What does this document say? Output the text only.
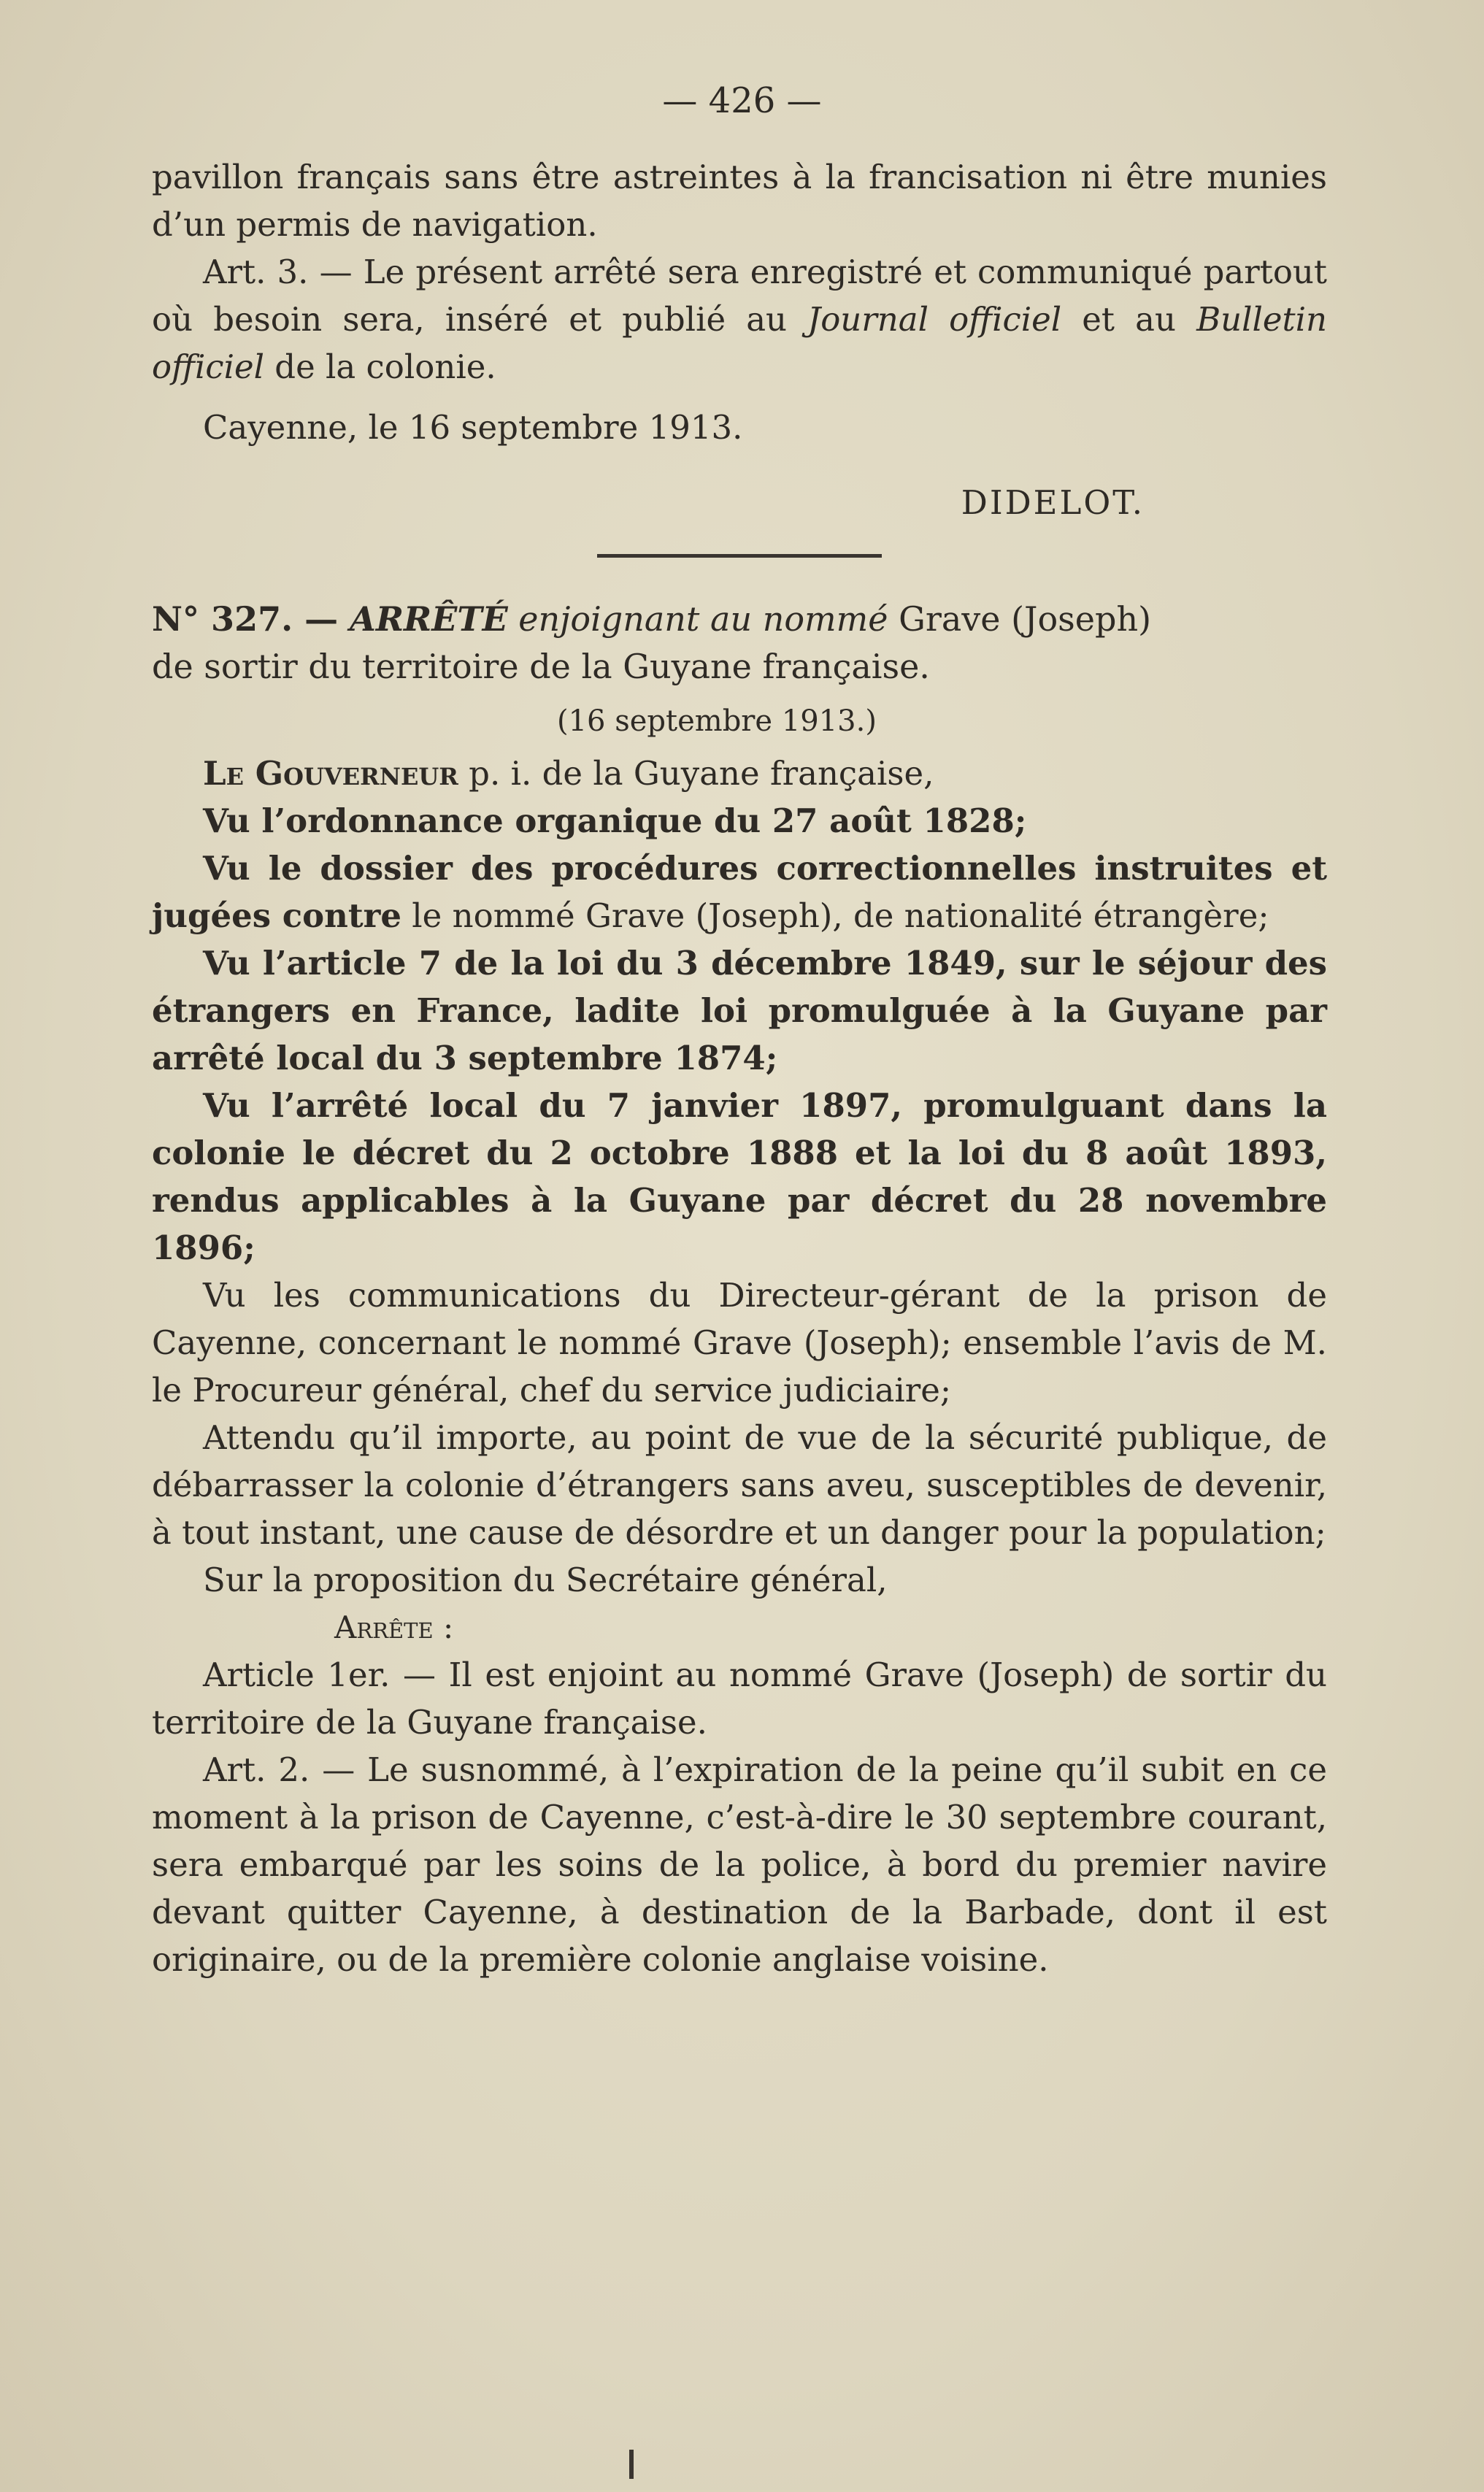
— 426 —

pavillon français sans être astreintes à la francisation ni être munies d’un permis de navigation.

Art. 3. — Le présent arrêté sera enregistré et communiqué partout où besoin sera, inséré et publié au Journal officiel et au Bulletin officiel de la colonie.

Cayenne, le 16 septembre 1913.

DIDELOT.

N° 327. — ARRÊTÉ enjoignant au nommé Grave (Joseph)

de sortir du territoire de la Guyane française.

(16 septembre 1913.)

Le Gouverneur p. i. de la Guyane française,

Vu l’ordonnance organique du 27 août 1828;

Vu le dossier des procédures correctionnelles instruites et jugées contre le nommé Grave (Joseph), de nationalité étrangère;

Vu l’article 7 de la loi du 3 décembre 1849, sur le séjour des étrangers en France, ladite loi promulguée à la Guyane par arrêté local du 3 septembre 1874;

Vu l’arrêté local du 7 janvier 1897, promulguant dans la colonie le décret du 2 octobre 1888 et la loi du 8 août 1893, rendus applicables à la Guyane par décret du 28 novembre 1896;

Vu les communications du Directeur-gérant de la prison de Cayenne, concernant le nommé Grave (Joseph); ensemble l’avis de M. le Procureur général, chef du service judiciaire;

Attendu qu’il importe, au point de vue de la sécurité publique, de débarrasser la colonie d’étrangers sans aveu, susceptibles de devenir, à tout instant, une cause de désordre et un danger pour la population;

Sur la proposition du Secrétaire général,

Arrête :

Article 1er. — Il est enjoint au nommé Grave (Joseph) de sortir du territoire de la Guyane française.

Art. 2. — Le susnommé, à l’expiration de la peine qu’il subit en ce moment à la prison de Cayenne, c’est-à-dire le 30 septembre courant, sera embarqué par les soins de la police, à bord du premier navire devant quitter Cayenne, à destination de la Barbade, dont il est originaire, ou de la première colonie anglaise voisine.
